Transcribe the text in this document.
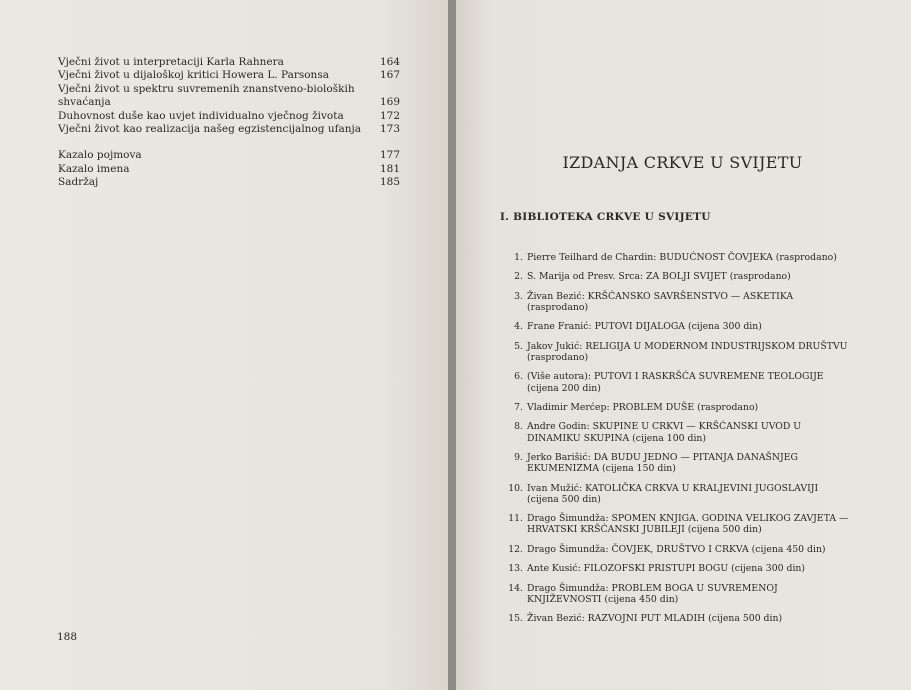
Vječni život u interpretaciji Karla Rahnera	164
Vječni život u dijaloškoj kritici Howera L. Parsonsa	167
Vječni život u spektru suvremenih znanstveno-bioloških shvaćanja	169
Duhovnost duše kao uvjet individualno vječnog života	172
Vječni život kao realizacija našeg egzistencijalnog ufanja	173
Kazalo pojmova	177
Kazalo imena	181
Sadržaj	185
188
IZDANJA CRKVE U SVIJETU
I. BIBLIOTEKA CRKVE U SVIJETU
1. Pierre Teilhard de Chardin: BUDUĆNOST ČOVJEKA (rasprodano)
2. S. Marija od Presv. Srca: ZA BOLJI SVIJET (rasprodano)
3. Živan Bezić: KRŠĆANSKO SAVRŠENSTVO — ASKETIKA (rasprodano)
4. Frane Franić: PUTOVI DIJALOGA (cijena 300 din)
5. Jakov Jukić: RELIGIJA U MODERNOM INDUSTRIJSKOM DRUŠTVU (rasprodano)
6. (Više autora): PUTOVI I RASKRŠĆA SUVREMENE TEOLOGIJE (cijena 200 din)
7. Vladimir Merćep: PROBLEM DUŠE (rasprodano)
8. Andre Godin: SKUPINE U CRKVI — KRŠĆANSKI UVOD U DINAMIKU SKUPINA (cijena 100 din)
9. Jerko Barišić: DA BUDU JEDNO — PITANJA DANAŠNJEG EKUMENIZMA (cijena 150 din)
10. Ivan Mužić: KATOLIČKA CRKVA U KRALJEVINI JUGOSLAVIJI (cijena 500 din)
11. Drago Šimundža: SPOMEN KNJIGA. GODINA VELIKOG ZAVJETA — HRVATSKI KRŠĆANSKI JUBILEJI (cijena 500 din)
12. Drago Šimundža: ČOVJEK, DRUŠTVO I CRKVA (cijena 450 din)
13. Ante Kusić: FILOZOFSKI PRISTUPI BOGU (cijena 300 din)
14. Drago Šimundža: PROBLEM BOGA U SUVREMENOJ KNJIŽEVNOSTI (cijena 450 din)
15. Živan Bezić: RAZVOJNI PUT MLADIH (cijena 500 din)
